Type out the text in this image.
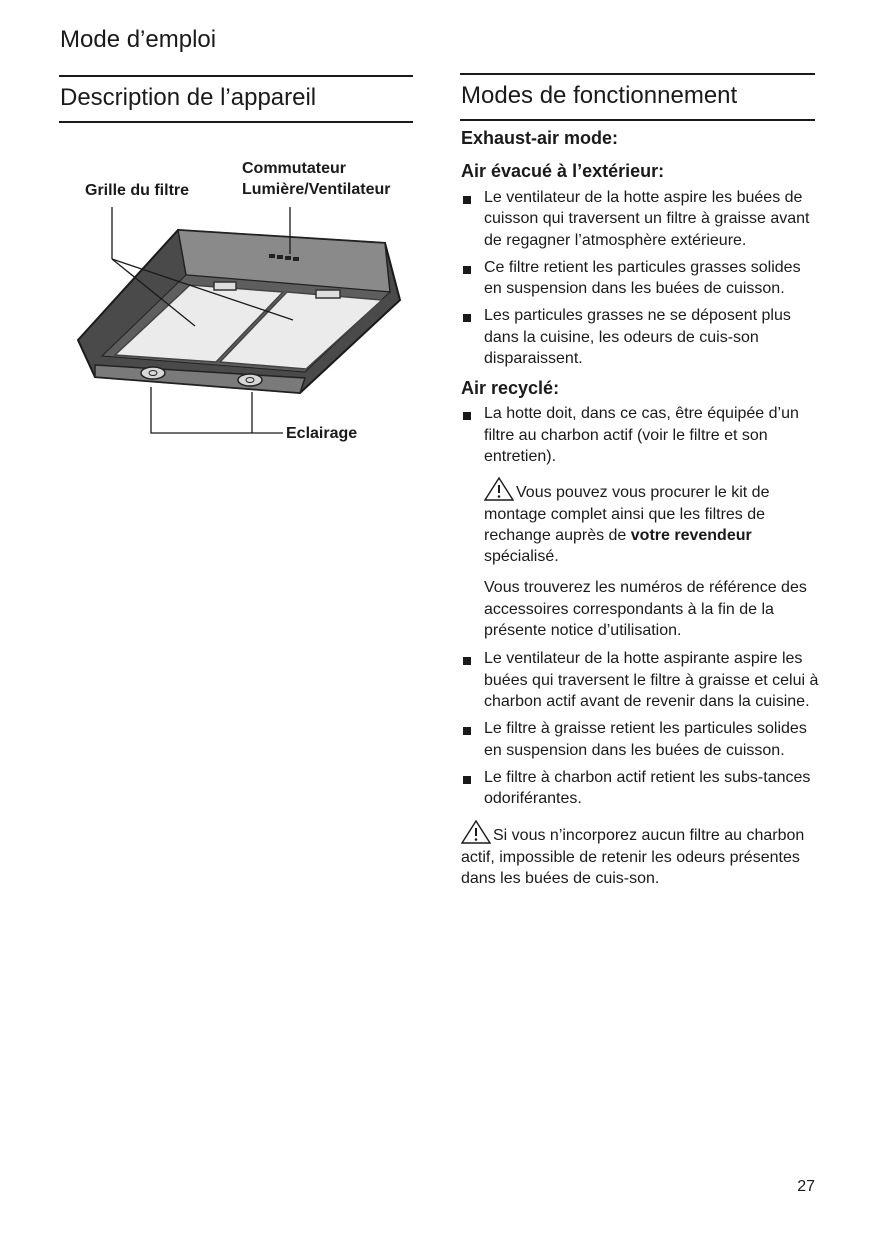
Mode d’emploi
Description de l’appareil
Grille du filtre
Commutateur
Lumière/Ventilateur
Eclairage
Modes de fonctionnement
Exhaust-air mode:
Air évacué à l’extérieur:
Le ventilateur de la hotte aspire les buées de cuisson qui traversent un filtre à graisse avant de regagner l’atmosphère extérieure.
Ce filtre retient les particules grasses solides en suspension dans les buées de cuisson.
Les particules grasses ne se déposent plus dans la cuisine, les odeurs de cuis-son disparaissent.
Air recyclé:
La hotte doit, dans ce cas, être équipée d’un filtre au charbon actif (voir le filtre et son entretien).

Vous pouvez vous procurer le kit de montage complet ainsi que les filtres de rechange auprès de votre revendeur spécialisé.

Vous trouverez les numéros de référence des accessoires correspondants à la fin de la présente notice d’utilisation.

Le ventilateur de la hotte aspirante aspire les buées qui traversent le filtre à graisse et celui à charbon actif avant de revenir dans la cuisine.
Le filtre à graisse retient les particules solides en suspension dans les buées de cuisson.
Le filtre à charbon actif retient les subs-tances odoriférantes.

Si vous n’incorporez aucun filtre au charbon actif, impossible de retenir les odeurs présentes dans les buées de cuis-son.

27
